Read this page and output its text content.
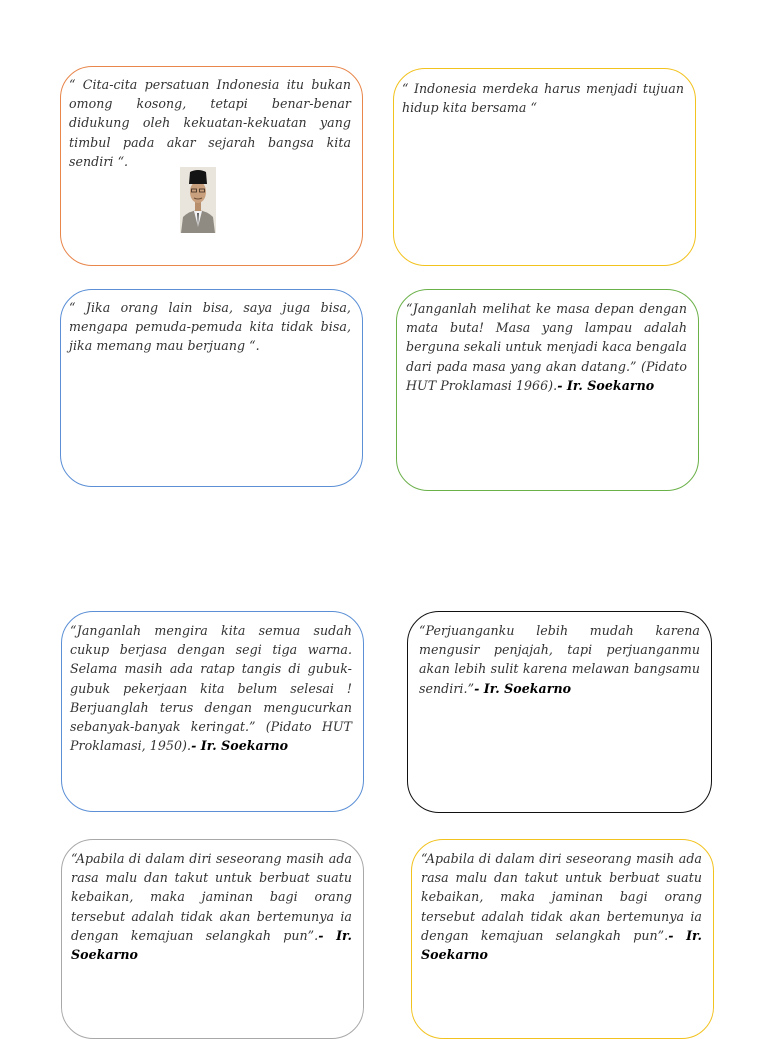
“ Cita-cita persatuan Indonesia itu bukan omong kosong, tetapi benar-benar didukung oleh kekuatan-kekuatan yang timbul pada akar sejarah bangsa kita sendiri “.

“ Indonesia merdeka harus menjadi tujuan hidup kita bersama “

“ Jika orang lain bisa, saya juga bisa, mengapa pemuda-pemuda kita tidak bisa, jika memang mau berjuang “.

“Janganlah melihat ke masa depan dengan mata buta! Masa yang lampau adalah berguna sekali untuk menjadi kaca bengala dari pada masa yang akan datang.” (Pidato HUT Proklamasi 1966).- Ir. Soekarno

“Janganlah mengira kita semua sudah cukup berjasa dengan segi tiga warna. Selama masih ada ratap tangis di gubuk-gubuk pekerjaan kita belum selesai ! Berjuanglah terus dengan mengucurkan sebanyak-banyak keringat.” (Pidato HUT Proklamasi, 1950).- Ir. Soekarno

“Perjuanganku lebih mudah karena mengusir penjajah, tapi perjuanganmu akan lebih sulit karena melawan bangsamu sendiri.”- Ir. Soekarno

“Apabila di dalam diri seseorang masih ada rasa malu dan takut untuk berbuat suatu kebaikan, maka jaminan bagi orang tersebut adalah tidak akan bertemunya ia dengan kemajuan selangkah pun”.- Ir. Soekarno

“Apabila di dalam diri seseorang masih ada rasa malu dan takut untuk berbuat suatu kebaikan, maka jaminan bagi orang tersebut adalah tidak akan bertemunya ia dengan kemajuan selangkah pun”.- Ir. Soekarno
